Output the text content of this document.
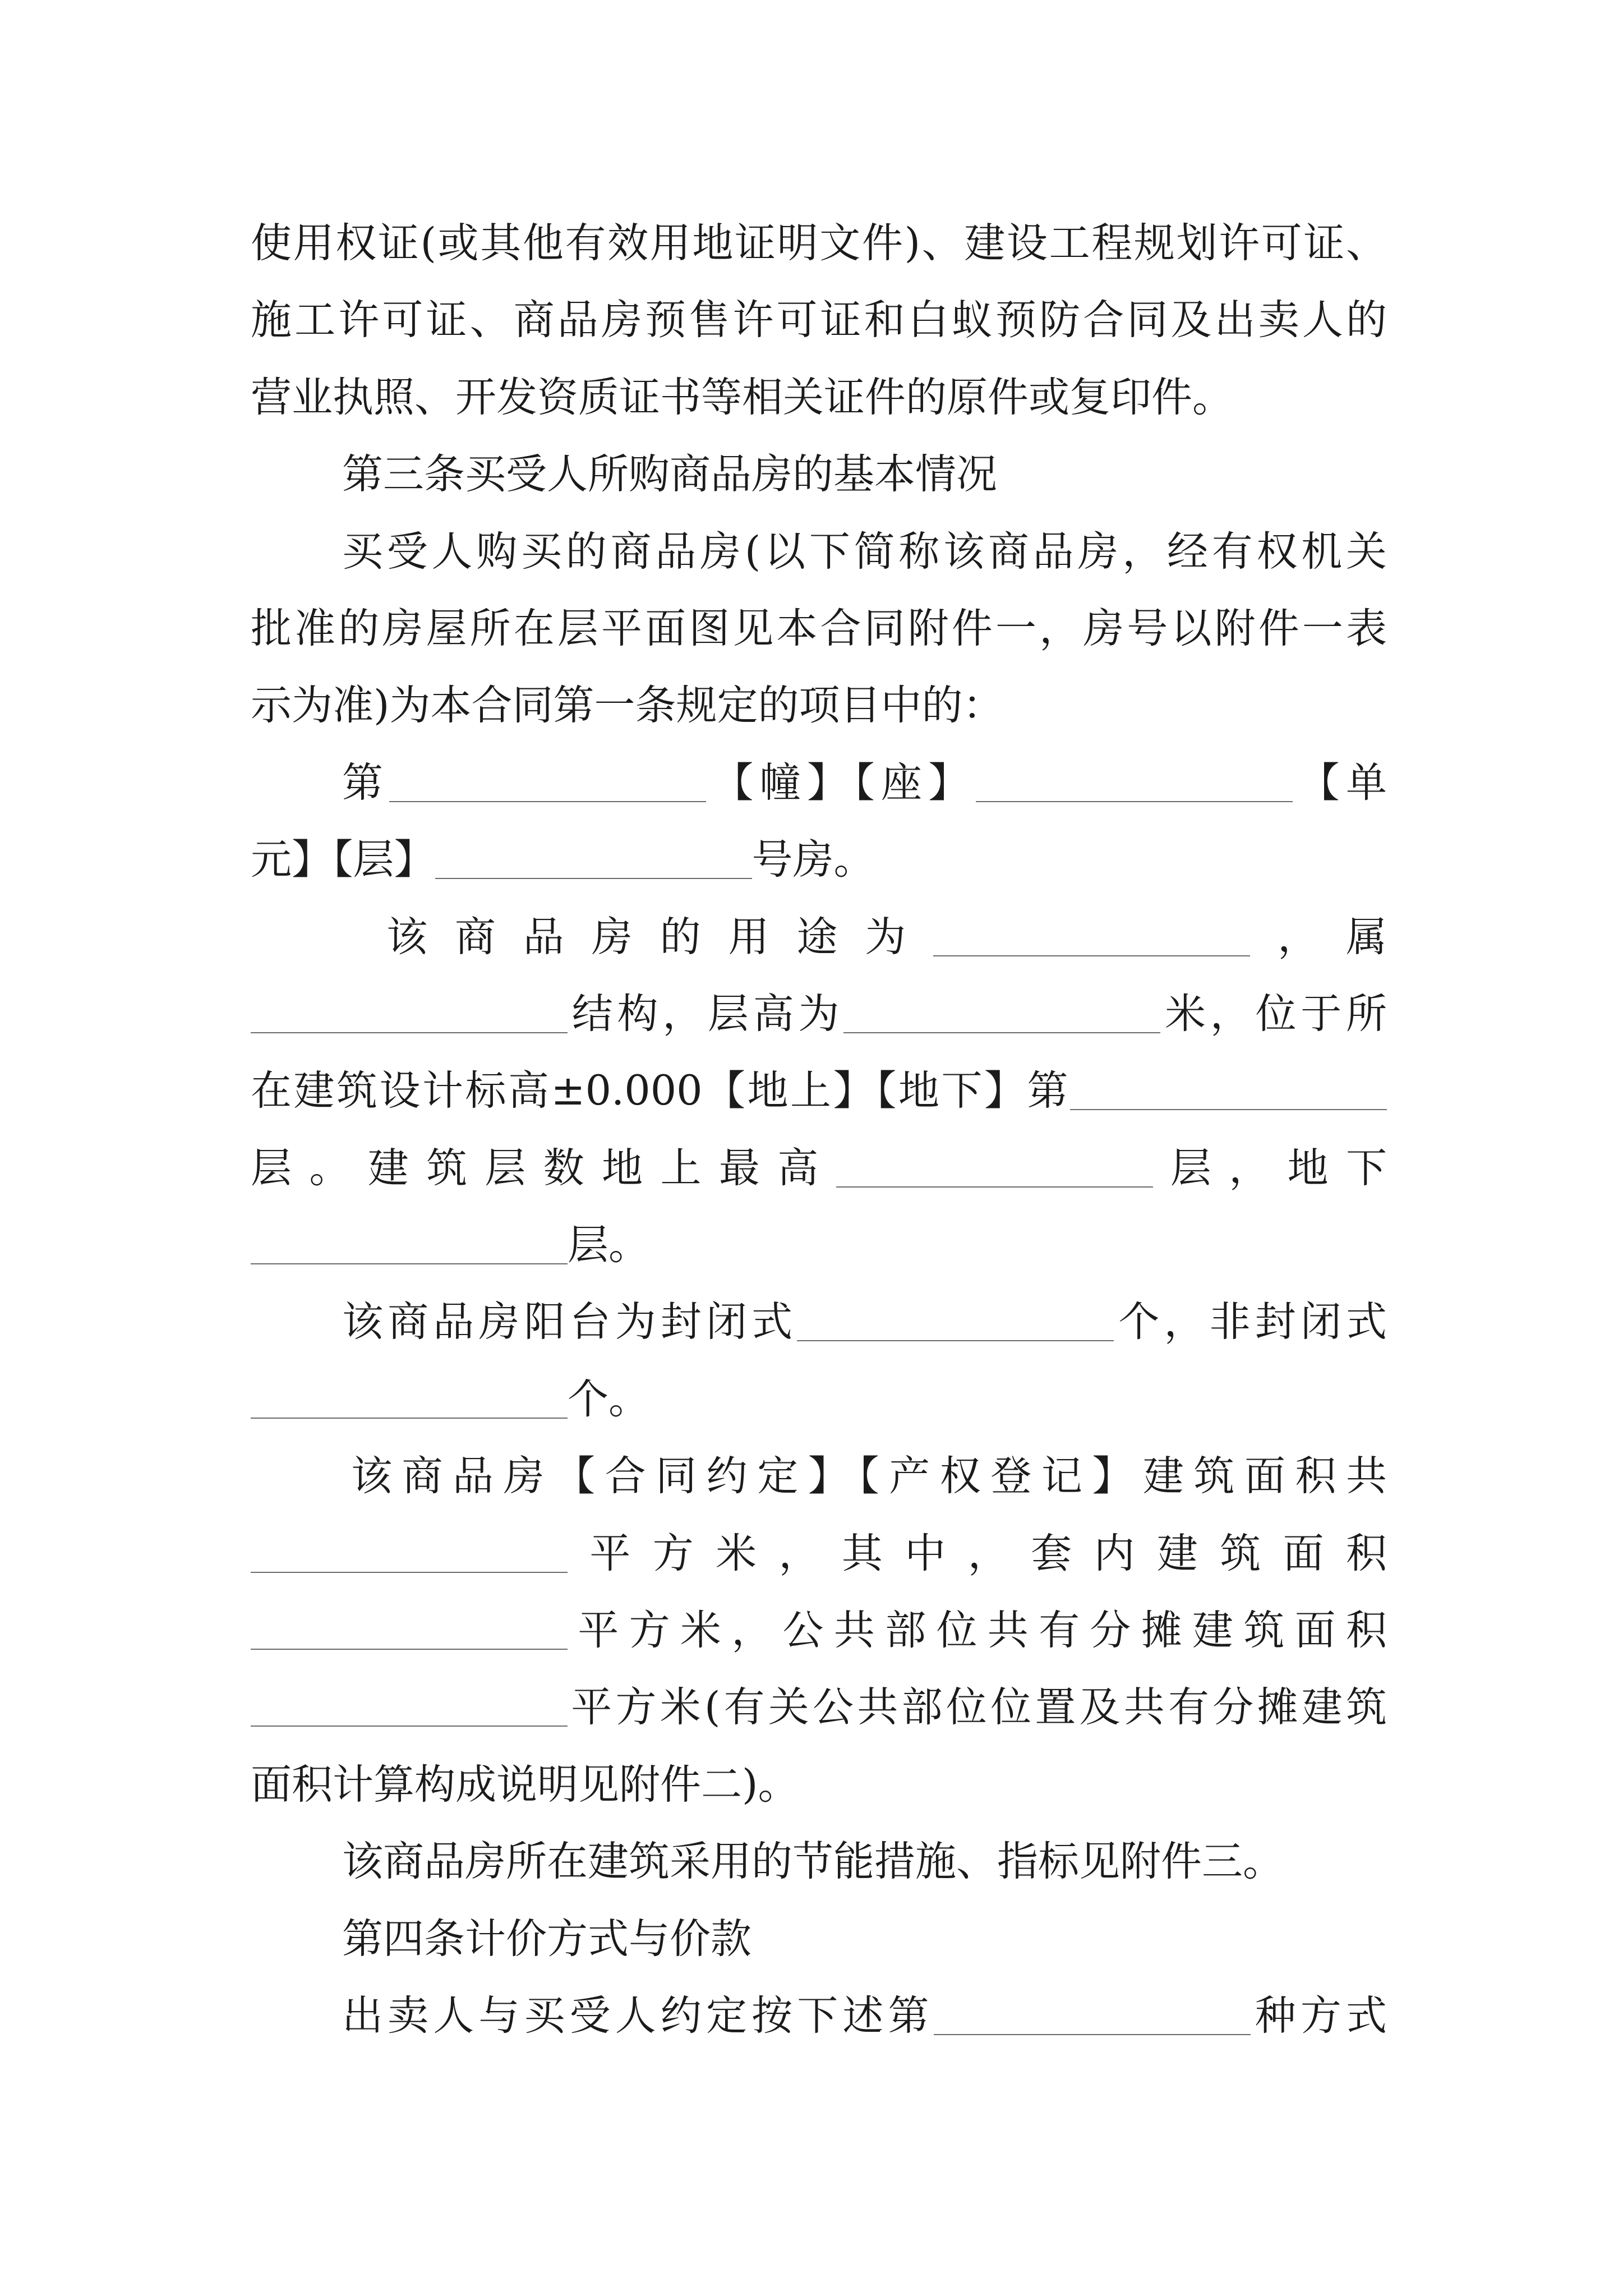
使用权证(或其他有效用地证明文件)、建设工程规划许可证、
施工许可证、商品房预售许可证和白蚁预防合同及出卖人的
营业执照、开发资质证书等相关证件的原件或复印件。
第三条买受人所购商品房的基本情况
买受人购买的商品房(以下简称该商品房，经有权机关
批准的房屋所在层平面图见本合同附件一，房号以附件一表
示为准)为本合同第一条规定的项目中的：
第	【幢】【座】	【单
元】【层】	号房。
该商品房的用途为	，属
结构，层高为	米，位于所
在建筑设计标高±0.000【地上】【地下】第
层。建筑层数地上最高	层，地下
层。
该商品房阳台为封闭式	个，非封闭式
个。
该商品房【合同约定】【产权登记】建筑面积共
平方米，其中，套内建筑面积
平方米，公共部位共有分摊建筑面积
平方米(有关公共部位位置及共有分摊建筑
面积计算构成说明见附件二)。
该商品房所在建筑采用的节能措施、指标见附件三。
第四条计价方式与价款
出卖人与买受人约定按下述第	种方式
